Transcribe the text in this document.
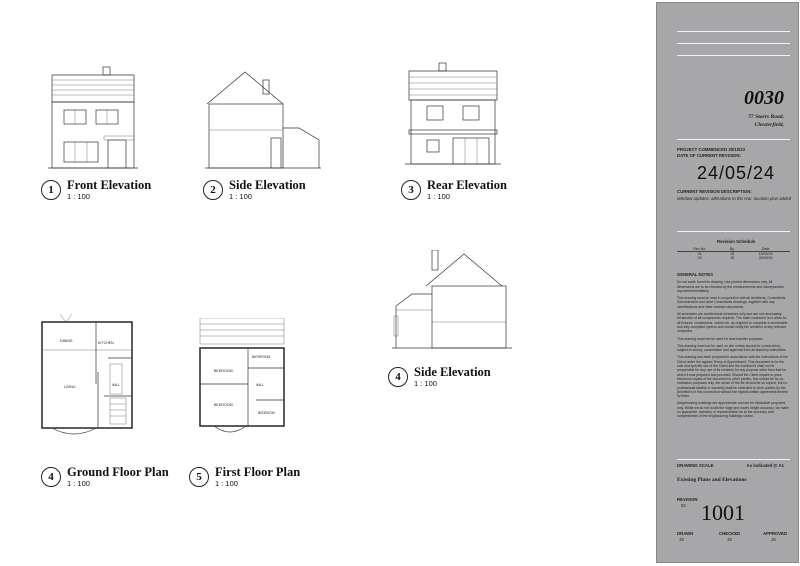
DINING	KITCHEN
LIVING	HALL
BATHROOM
BEDROOM
HALL
BEDROOM
BEDROOM
1	Front Elevation
1 : 100
2	Side Elevation
1 : 100
3	Rear Elevation
1 : 100
4	Side Elevation
1 : 100
4	Ground Floor Plan
1 : 100
5	First Floor Plan
1 : 100
0030
77 Storrs Road,
Chesterfield,
PROJECT COMMENCED 30/10/23
DATE OF CURRENT REVISION:
24/05/24
CURRENT REVISION DESCRIPTION:
Window updates, alterations to the rear, location plan added
Revision Schedule
Rev No.	By	Date
01	JS	15/09/24
02	JS	20/09/24

GENERAL NOTES

Do not scale from this drawing. Use printed dimensions only. All dimensions are to be checked by the measurements and discrepancies reported immediately.

This drawing must be read in conjunction with all Architects, Consultants, Subcontractor and other Consultants drawings, together with any specifications and other contract documents.

All schedules are architectural schedules only and are not necessarily exhaustive of all components required. The main contractor is to allow for all fixtures, connections, valves etc. as required to complete a serviceable and fully compliant system and should notify the architect of any relevant omissions.

This drawing must not be used for land transfer purposes.

This drawing must not be used on site unless issued for construction, subject to survey, consultation and approval from all statutory Authorities.

This drawing has been prepared in accordance with the instructions of the Client under the agreed Terms of Appointment. This document is for the sole and specific use of the Client and the Architect's shall not be responsible for any use of its contents for any purpose other than that for which it was prepared and provided. Should the Client require to pass electronic copies of the document to other parties, this should be for co-ordination purposes only, the whole of the file should be so copied, but no professional liability or warranty shall be extended to other parties by the Architect's in this connection without the explicit written agreement thereto by them.

Neighbouring buildings are approximate and are for illustrative purposes only. While we do not doubt the ridge and eaves height accuracy, we make no guarantee, warranty or representation as to the accuracy and completeness of the neighbouring buildings shown.

DRAWING SCALE	As indicated @ A1
Existing Plans and Elevations
REVISION
02 1001
DRAWN
JS
CHECKED
JS
APPROVED
JS
